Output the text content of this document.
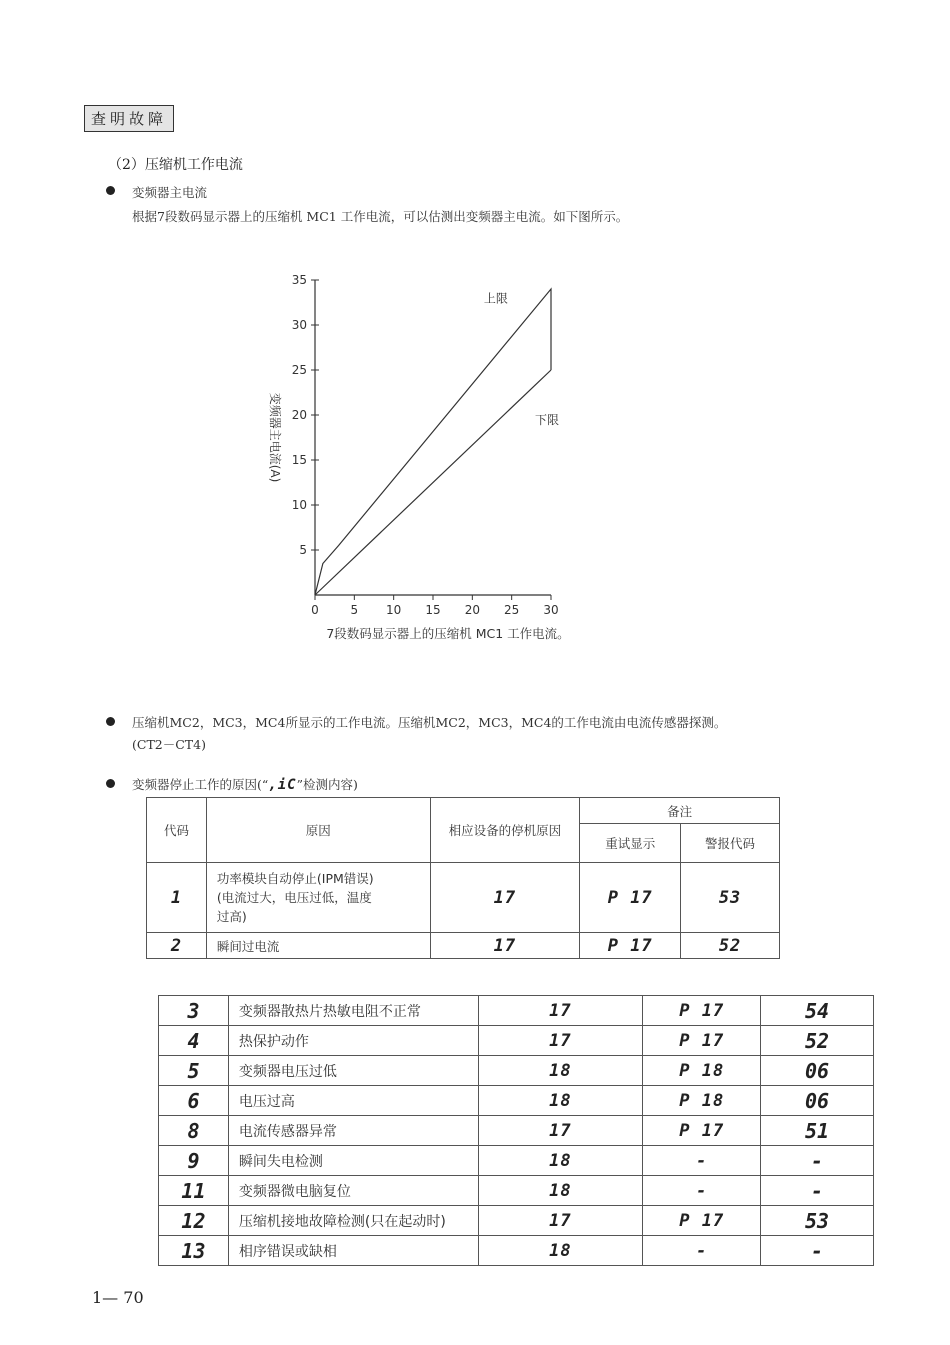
查明故障
（2）压缩机工作电流
变频器主电流
根据7段数码显示器上的压缩机 MC1 工作电流，可以估测出变频器主电流。如下图所示。
5
10
15
20
25
30
35
0	5 10 15 20 25 30
上限
下限
变频器主电流(A)
7段数码显示器上的压缩机 MC1 工作电流。
压缩机MC2，MC3，MC4所显示的工作电流。压缩机MC2，MC3，MC4的工作电流由电流传感器探测。
(CT2－CT4)
变频器停止工作的原因(“,iC”检测内容)
代码	原因	相应设备的停机原因	备注	
			重试显示	警报代码
1	功率模块自动停止(IPM错误)
(电流过大，电压过低，温度
过高)	17	P 17	53
2	瞬间过电流	17	P 17	52
3	变频器散热片热敏电阻不正常	17	P 17	54
4	热保护动作	17	P 17	52
5	变频器电压过低	18	P 18	06
6	电压过高	18	P 18	06
8	电流传感器异常	17	P 17	51
9	瞬间失电检测	18	-	-
11	变频器微电脑复位	18	-	-
12	压缩机接地故障检测(只在起动时)	17	P 17	53
13	相序错误或缺相	18	-	-
1— 70
